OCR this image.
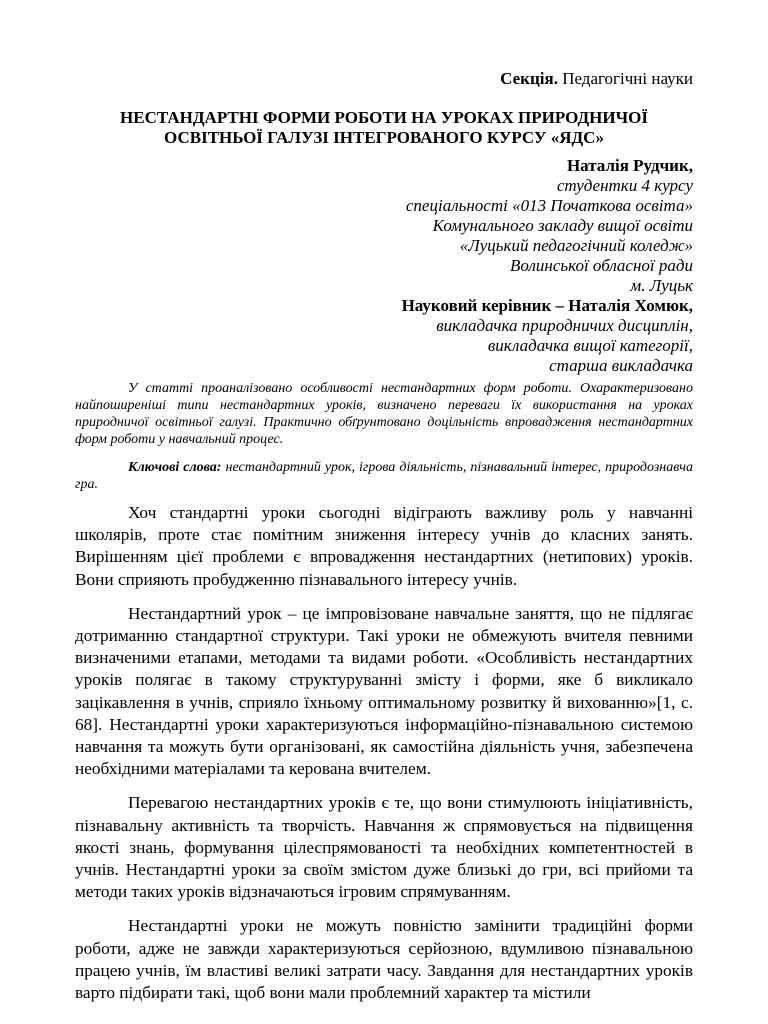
Секція. Педагогічні науки
НЕСТАНДАРТНІ ФОРМИ РОБОТИ НА УРОКАХ ПРИРОДНИЧОЇ
ОСВІТНЬОЇ ГАЛУЗІ ІНТЕГРОВАНОГО КУРСУ «ЯДС»
Наталія Рудчик,
студентки 4 курсу
спеціальності «013 Початкова освіта»
Комунального закладу вищої освіти
«Луцький педагогічний коледж»
Волинської обласної ради
м. Луцьк
Науковий керівник – Наталія Хомюк,
викладачка природничих дисциплін,
викладачка вищої категорії,
старша викладачка
У статті проаналізовано особливості нестандартних форм роботи. Охарактеризовано найпоширеніші типи нестандартних уроків, визначено переваги їх використання на уроках природничої освітньої галузі. Практично обґрунтовано доцільність впровадження нестандартних форм роботи у навчальний процес.
Ключові слова: нестандартний урок, ігрова діяльність, пізнавальний інтерес, природознавча гра.

Хоч стандартні уроки сьогодні відіграють важливу роль у навчанні школярів, проте стає помітним зниження інтересу учнів до класних занять. Вирішенням цієї проблеми є впровадження нестандартних (нетипових) уроків. Вони сприяють пробудженню пізнавального інтересу учнів.

Нестандартний урок – це імпровізоване навчальне заняття, що не підлягає дотриманню стандартної структури. Такі уроки не обмежують вчителя певними визначеними етапами, методами та видами роботи. «Особливість нестандартних уроків полягає в такому структуруванні змісту і форми, яке б викликало зацікавлення в учнів, сприяло їхньому оптимальному розвитку й вихованню»[1, с. 68]. Нестандартні уроки характеризуються інформаційно-пізнавальною системою навчання та можуть бути організовані, як самостійна діяльність учня, забезпечена необхідними матеріалами та керована вчителем.

Перевагою нестандартних уроків є те, що вони стимулюють ініціативність, пізнавальну активність та творчість. Навчання ж спрямовується на підвищення якості знань, формування цілеспрямованості та необхідних компетентностей в учнів. Нестандартні уроки за своїм змістом дуже близькі до гри, всі прийоми та методи таких уроків відзначаються ігровим спрямуванням.

Нестандартні уроки не можуть повністю замінити традиційні форми роботи, адже не завжди характеризуються серйозною, вдумливою пізнавальною працею учнів, їм властиві великі затрати часу. Завдання для нестандартних уроків варто підбирати такі, щоб вони мали проблемний характер та містили
